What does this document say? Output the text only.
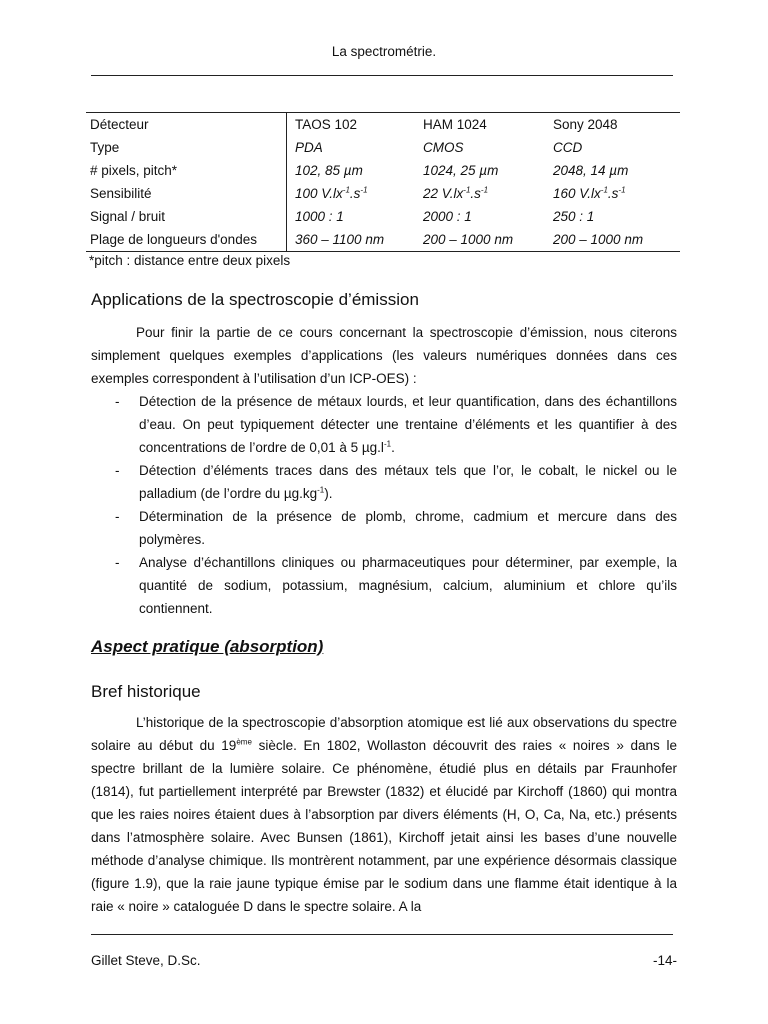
La spectrométrie.
Détecteur	TAOS 102	HAM 1024	Sony 2048
Type	PDA	CMOS	CCD
# pixels, pitch*	102, 85 µm	1024, 25 µm	2048, 14 µm
Sensibilité	100 $V.lx^{-1}.s^{-1}$	22 $V.lx^{-1}.s^{-1}$	160 $V.lx^{-1}.s^{-1}$
Signal / bruit	1000 : 1	2000 : 1	250 : 1
Plage de longueurs d'ondes	360 – 1100 nm	200 – 1000 nm	200 – 1000 nm
*pitch : distance entre deux pixels
Applications de la spectroscopie d’émission

Pour finir la partie de ce cours concernant la spectroscopie d’émission, nous citerons simplement quelques exemples d’applications (les valeurs numériques données dans ces exemples correspondent à l’utilisation d’un ICP-OES) :

- Détection de la présence de métaux lourds, et leur quantification, dans des échantillons d’eau. On peut typiquement détecter une trentaine d’éléments et les quantifier à des concentrations de l’ordre de 0,01 à 5 $\mu g.l^{-1}$.
- Détection d’éléments traces dans des métaux tels que l’or, le cobalt, le nickel ou le palladium (de l’ordre du $\mu g.kg^{-1}$).
- Détermination de la présence de plomb, chrome, cadmium et mercure dans des polymères.
- Analyse d’échantillons cliniques ou pharmaceutiques pour déterminer, par exemple, la quantité de sodium, potassium, magnésium, calcium, aluminium et chlore qu’ils contiennent.
Aspect pratique (absorption)
Bref historique

L’historique de la spectroscopie d’absorption atomique est lié aux observations du spectre solaire au début du 19ème siècle. En 1802, Wollaston découvrit des raies « noires » dans le spectre brillant de la lumière solaire. Ce phénomène, étudié plus en détails par Fraunhofer (1814), fut partiellement interprété par Brewster (1832) et élucidé par Kirchoff (1860) qui montra que les raies noires étaient dues à l’absorption par divers éléments (H, O, Ca, Na, etc.) présents dans l’atmosphère solaire. Avec Bunsen (1861), Kirchoff jetait ainsi les bases d’une nouvelle méthode d’analyse chimique. Ils montrèrent notamment, par une expérience désormais classique (figure 1.9), que la raie jaune typique émise par le sodium dans une flamme était identique à la raie « noire » cataloguée D dans le spectre solaire. A la

Gillet Steve, D.Sc.	-14-
